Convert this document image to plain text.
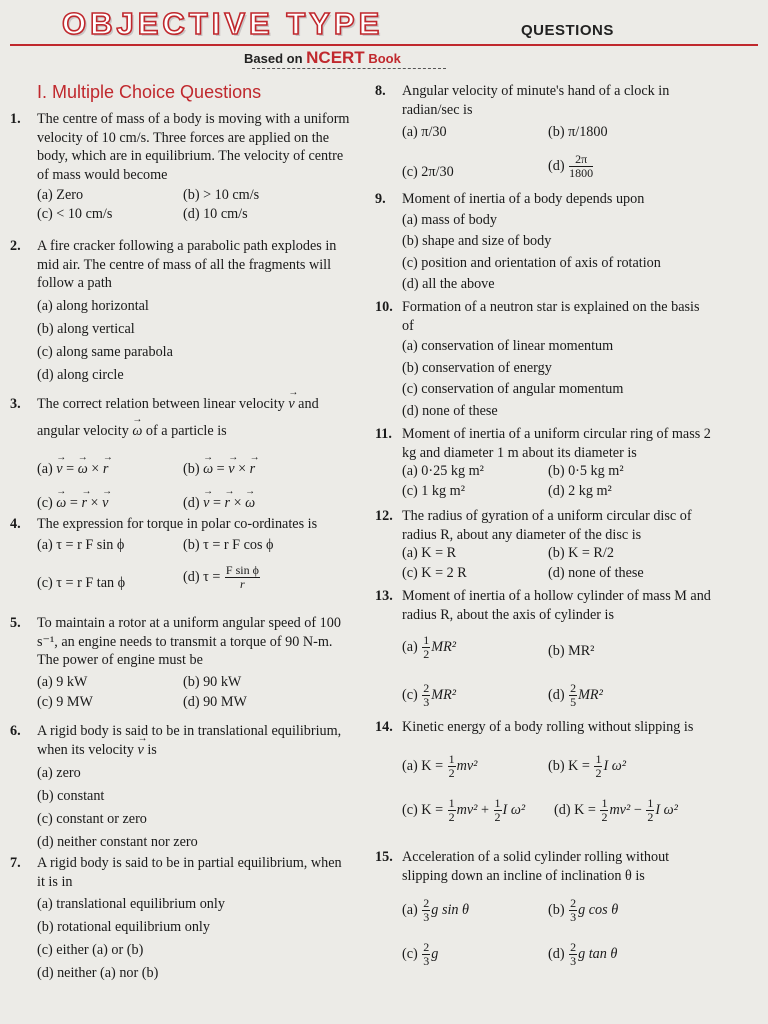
OBJECTIVE TYPE	QUESTIONS
Based on NCERT Book
I. Multiple Choice Questions
1.	The centre of mass of a body is moving with a uniform velocity of 10 cm/s. Three forces are applied on the body, which are in equilibrium. The velocity of centre of mass would become
(a) Zero	(b) > 10 cm/s
(c) < 10 cm/s	(d) 10 cm/s
2.	A fire cracker following a parabolic path explodes in mid air. The centre of mass of all the fragments will follow a path
(a) along horizontal
(b) along vertical
(c) along same parabola
(d) along circle
3.	The correct relation between linear velocity → v and
angular velocity → ω of a particle is
(a) → v = → ω × → r	(b) → ω = → v × → r
(c) → ω = → r × → v	(d) → v = → r × → ω
4.	The expression for torque in polar co-ordinates is
(a) τ = r F sin ϕ	(b) τ = r F cos ϕ
(c) τ = r F tan ϕ	(d) $\tau = \frac{\text{F sin ϕ}}{r}$
5.	To maintain a rotor at a uniform angular speed of 100 s⁻¹, an engine needs to transmit a torque of 90 N-m. The power of engine must be
(a) 9 kW	(b) 90 kW
(c) 9 MW	(d) 90 MW
6.	A rigid body is said to be in translational equilibrium, when its velocity → v is
(a) zero
(b) constant
(c) constant or zero
(d) neither constant nor zero
7.	A rigid body is said to be in partial equilibrium, when it is in
(a) translational equilibrium only
(b) rotational equilibrium only
(c) either (a) or (b)
(d) neither (a) nor (b)
8.	Angular velocity of minute's hand of a clock in radian/sec is
(a) π/30	(b) π/1800
(c) 2π/30	$(d) \frac{2\pi}{1800}$
9.	Moment of inertia of a body depends upon
(a) mass of body
(b) shape and size of body
(c) position and orientation of axis of rotation
(d) all the above
10. Formation of a neutron star is explained on the basis of
(a) conservation of linear momentum
(b) conservation of energy
(c) conservation of angular momentum
(d) none of these
11. Moment of inertia of a uniform circular ring of mass 2 kg and diameter 1 m about its diameter is
(a) 0·25 kg m²	(b) 0·5 kg m²
(c) 1 kg m²	(d) 2 kg m²
12. The radius of gyration of a uniform circular disc of radius R, about any diameter of the disc is
(a) K = R	(b) K = R/2
(c) K = 2 R	(d) none of these
13. Moment of inertia of a hollow cylinder of mass M and radius R, about the axis of cylinder is
$(a) \frac{1}{2} MR^2$	(b) MR²
$(c) \frac{2}{3} MR^2$	$(d) \frac{2}{5} MR^2$
14. Kinetic energy of a body rolling without slipping is
(a) $K = \frac{1}{2} mv^2$	(b) $K = \frac{1}{2}$ I ω²
(c) $K = \frac{1}{2} mv^2 + \frac{1}{2}$ I ω² (d) $K = \frac{1}{2} mv^2 - \frac{1}{2}$ I ω²
15. Acceleration of a solid cylinder rolling without slipping down an incline of inclination θ is
$(a) \frac{2}{3}$ g sin θ	$(b) \frac{2}{3}$ g cos θ
$(c) \frac{2}{3}$ g	$(d) \frac{2}{3}$ g tan θ
